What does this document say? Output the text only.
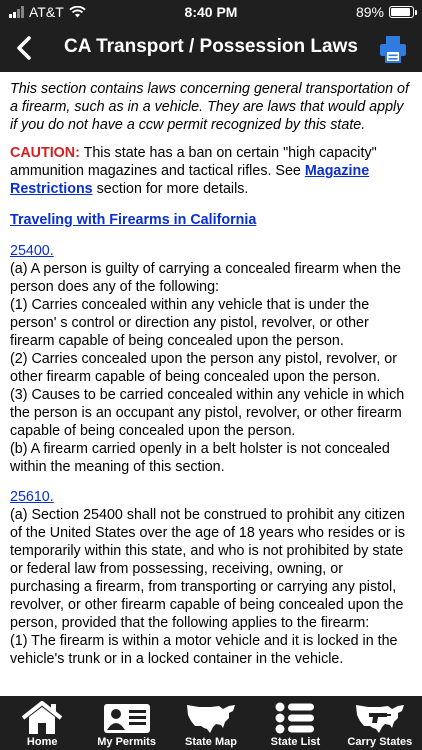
AT&T	8:40 PM	89%
CA Transport / Possession Laws

This section contains laws concerning general transportation of a firearm, such as in a vehicle. They are laws that would apply if you do not have a ccw permit recognized by this state.

CAUTION: This state has a ban on certain "high capacity" ammunition magazines and tactical rifles. See Magazine Restrictions section for more details.

Traveling with Firearms in California
25400.
(a) A person is guilty of carrying a concealed firearm when the person does any of the following:
(1) Carries concealed within any vehicle that is under the person' s control or direction any pistol, revolver, or other firearm capable of being concealed upon the person.
(2) Carries concealed upon the person any pistol, revolver, or other firearm capable of being concealed upon the person.
(3) Causes to be carried concealed within any vehicle in which the person is an occupant any pistol, revolver, or other firearm capable of being concealed upon the person.
(b) A firearm carried openly in a belt holster is not concealed within the meaning of this section.
25610.
(a) Section 25400 shall not be construed to prohibit any citizen of the United States over the age of 18 years who resides or is temporarily within this state, and who is not prohibited by state or federal law from possessing, receiving, owning, or purchasing a firearm, from transporting or carrying any pistol, revolver, or other firearm capable of being concealed upon the person, provided that the following applies to the firearm:
(1) The firearm is within a motor vehicle and it is locked in the vehicle's trunk or in a locked container in the vehicle.
Home	My Permits	State Map	State List Carry States
